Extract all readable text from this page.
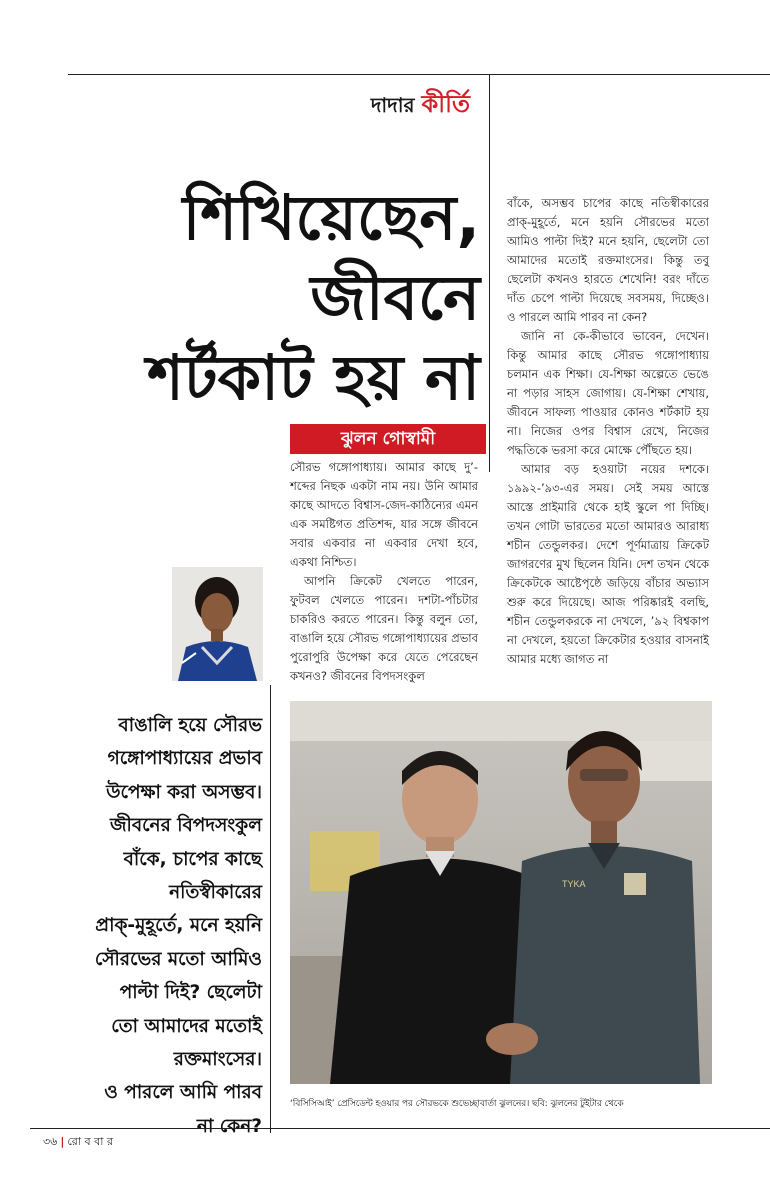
দাদার কীর্তি
শিখিয়েছেন,
জীবনে
শর্টকাট হয় না
ঝুলন গোস্বামী

সৌরভ গঙ্গোপাধ্যায়। আমার কাছে দু’-শব্দের নিছক একটা নাম নয়। উনি আমার কাছে আদতে বিশ্বাস-জেদ-কাঠিন্যের এমন এক সমষ্টিগত প্রতিশব্দ, যার সঙ্গে জীবনে সবার একবার না একবার দেখা হবে, একথা নিশ্চিত।

আপনি ক্রিকেট খেলতে পারেন, ফুটবল খেলতে পারেন। দশটা-পাঁচটার চাকরিও করতে পারেন। কিন্তু বলুন তো, বাঙালি হয়ে সৌরভ গঙ্গোপাধ্যায়ের প্রভাব পুরোপুরি উপেক্ষা করে যেতে পেরেছেন কখনও? জীবনের বিপদসংকুল

বাঁকে, অসম্ভব চাপের কাছে নতিস্বীকারের প্রাক্-মুহূর্তে, মনে হয়নি সৌরভের মতো আমিও পাল্টা দিই? মনে হয়নি, ছেলেটা তো আমাদের মতোই রক্তমাংসের। কিন্তু তবু ছেলেটা কখনও হারতে শেখেনি! বরং দাঁতে দাঁত চেপে পাল্টা দিয়েছে সবসময়, দিচ্ছেও। ও পারলে আমি পারব না কেন?

জানি না কে-কীভাবে ভাবেন, দেখেন। কিন্তু আমার কাছে সৌরভ গঙ্গোপাধ্যায় চলমান এক শিক্ষা। যে-শিক্ষা অল্পেতে ভেঙে না পড়ার সাহস জোগায়। যে-শিক্ষা শেখায়, জীবনে সাফল্য পাওয়ার কোনও শর্টকাট হয় না। নিজের ওপর বিশ্বাস রেখে, নিজের পদ্ধতিকে ভরসা করে মোক্ষে পৌঁছতে হয়।

আমার বড় হওয়াটা নয়ের দশকে। ১৯৯২-’৯৩-এর সময়। সেই সময় আস্তে আস্তে প্রাইমারি থেকে হাই স্কুলে পা দিচ্ছি। তখন গোটা ভারতের মতো আমারও আরাধ্য শচীন তেন্ডুলকর। দেশে পূর্ণমাত্রায় ক্রিকেট জাগরণের মুখ ছিলেন যিনি। দেশ তখন থেকে ক্রিকেটকে আষ্টেপৃষ্ঠে জড়িয়ে বাঁচার অভ্যাস শুরু করে দিয়েছে। আজ পরিষ্কারই বলছি, শচীন তেন্ডুলকরকে না দেখলে, ’৯২ বিশ্বকাপ না দেখলে, হয়তো ক্রিকেটার হওয়ার বাসনাই আমার মধ্যে জাগত না

বাঙালি হয়ে সৌরভ
গঙ্গোপাধ্যায়ের প্রভাব
উপেক্ষা করা অসম্ভব।
জীবনের বিপদসংকুল
বাঁকে, চাপের কাছে
নতিস্বীকারের
প্রাক্-মুহূর্তে, মনে হয়নি
সৌরভের মতো আমিও
পাল্টা দিই? ছেলেটা
তো আমাদের মতোই
রক্তমাংসের।
ও পারলে আমি পারব
না কেন?
TYKA
‘বিসিসিআই’ প্রেসিডেন্ট হওয়ার পর সৌরভকে শুভেচ্ছাবার্তা ঝুলনের। ছবি: ঝুলনের টুইটার থেকে
৩৬ | রো ব বা র
